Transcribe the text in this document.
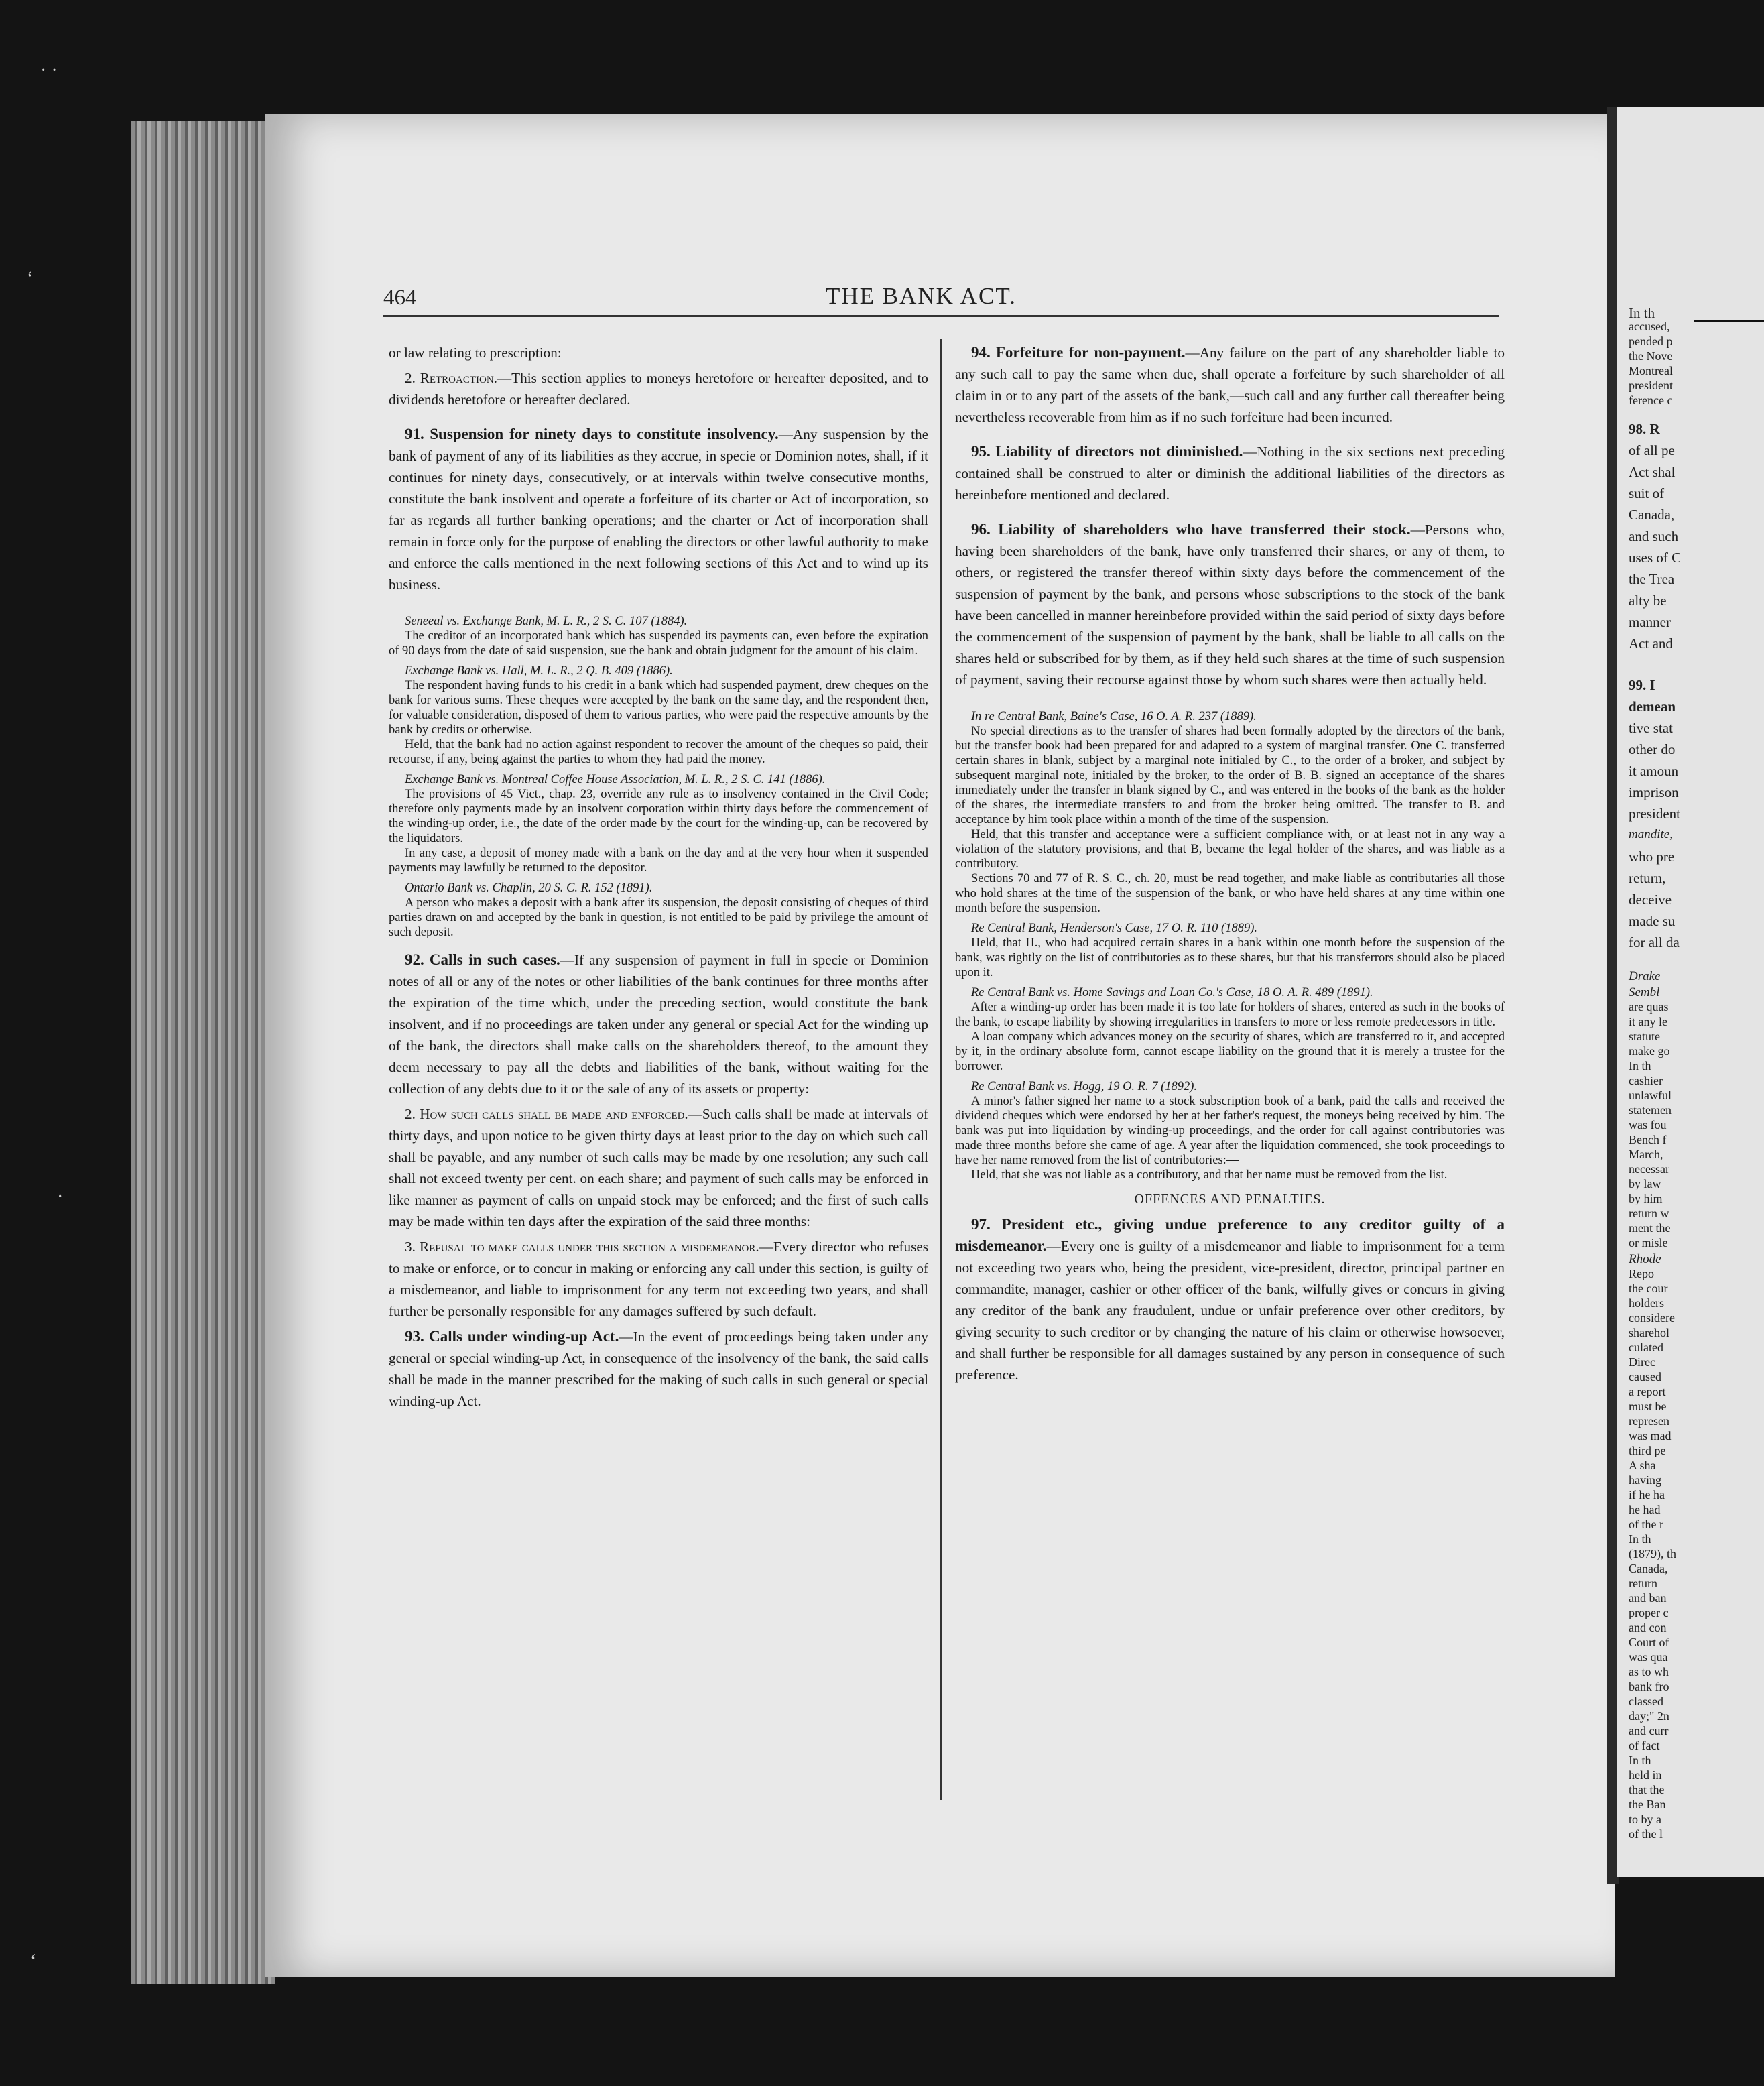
· ·
ʻ
·
ʻ
In th
accused,
pended p
the Nove
Montreal
president
ference c
98. R
of all pe
Act shal
suit of
Canada,
and such
uses of C
the Trea
alty be
manner
Act and
99. I
demean
tive stat
other do
it amoun
imprison
president
mandite,
who pre
return,
deceive
made su
for all da
Drake
Sembl
are quas
it any le
statute
make go
In th
cashier
unlawful
statemen
was fou
Bench f
March,
necessar
by law
by him
return w
ment the
or misle
Rhode
Repo
the cour
holders
considere
sharehol
culated
Direc
caused
a report
must be
represen
was mad
third pe
A sha
having
if he ha
he had
of the r
In th
(1879), th
Canada,
return
and ban
proper c
and con
Court of
was qua
as to wh
bank fro
classed
day;" 2n
and curr
of fact
In th
held in
that the
the Ban
to by a
of the l
464	THE BANK ACT.

or law relating to prescription:

2. Retroaction.—This section applies to moneys heretofore or hereafter deposited, and to dividends heretofore or hereafter declared.

91. Suspension for ninety days to constitute insolvency.—Any suspension by the bank of payment of any of its liabilities as they accrue, in specie or Dominion notes, shall, if it continues for ninety days, consecutively, or at intervals within twelve consecutive months, constitute the bank insolvent and operate a forfeiture of its charter or Act of incorporation, so far as regards all further banking operations; and the charter or Act of incorporation shall remain in force only for the purpose of enabling the directors or other lawful authority to make and enforce the calls mentioned in the next following sections of this Act and to wind up its business.

Seneeal vs. Exchange Bank, M. L. R., 2 S. C. 107 (1884).

The creditor of an incorporated bank which has suspended its payments can, even before the expiration of 90 days from the date of said suspension, sue the bank and obtain judgment for the amount of his claim.

Exchange Bank vs. Hall, M. L. R., 2 Q. B. 409 (1886).

The respondent having funds to his credit in a bank which had suspended payment, drew cheques on the bank for various sums. These cheques were accepted by the bank on the same day, and the respondent then, for valuable consideration, disposed of them to various parties, who were paid the respective amounts by the bank by credits or otherwise.

Held, that the bank had no action against respondent to recover the amount of the cheques so paid, their recourse, if any, being against the parties to whom they had paid the money.

Exchange Bank vs. Montreal Coffee House Association, M. L. R., 2 S. C. 141 (1886).

The provisions of 45 Vict., chap. 23, override any rule as to insolvency contained in the Civil Code; therefore only payments made by an insolvent corporation within thirty days before the commencement of the winding-up order, i.e., the date of the order made by the court for the winding-up, can be recovered by the liquidators.

In any case, a deposit of money made with a bank on the day and at the very hour when it suspended payments may lawfully be returned to the depositor.

Ontario Bank vs. Chaplin, 20 S. C. R. 152 (1891).

A person who makes a deposit with a bank after its suspension, the deposit consisting of cheques of third parties drawn on and accepted by the bank in question, is not entitled to be paid by privilege the amount of such deposit.

92. Calls in such cases.—If any suspension of payment in full in specie or Dominion notes of all or any of the notes or other liabilities of the bank continues for three months after the expiration of the time which, under the preceding section, would constitute the bank insolvent, and if no proceedings are taken under any general or special Act for the winding up of the bank, the directors shall make calls on the shareholders thereof, to the amount they deem necessary to pay all the debts and liabilities of the bank, without waiting for the collection of any debts due to it or the sale of any of its assets or property:

2. How such calls shall be made and enforced.—Such calls shall be made at intervals of thirty days, and upon notice to be given thirty days at least prior to the day on which such call shall be payable, and any number of such calls may be made by one resolution; any such call shall not exceed twenty per cent. on each share; and payment of such calls may be enforced in like manner as payment of calls on unpaid stock may be enforced; and the first of such calls may be made within ten days after the expiration of the said three months:

3. Refusal to make calls under this section a misdemeanor.—Every director who refuses to make or enforce, or to concur in making or enforcing any call under this section, is guilty of a misdemeanor, and liable to imprisonment for any term not exceeding two years, and shall further be personally responsible for any damages suffered by such default.

93. Calls under winding-up Act.—In the event of proceedings being taken under any general or special winding-up Act, in consequence of the insolvency of the bank, the said calls shall be made in the manner prescribed for the making of such calls in such general or special winding-up Act.

94. Forfeiture for non-payment.—Any failure on the part of any shareholder liable to any such call to pay the same when due, shall operate a forfeiture by such shareholder of all claim in or to any part of the assets of the bank,—such call and any further call thereafter being nevertheless recoverable from him as if no such forfeiture had been incurred.

95. Liability of directors not diminished.—Nothing in the six sections next preceding contained shall be construed to alter or diminish the additional liabilities of the directors as hereinbefore mentioned and declared.

96. Liability of shareholders who have transferred their stock.—Persons who, having been shareholders of the bank, have only transferred their shares, or any of them, to others, or registered the transfer thereof within sixty days before the commencement of the suspension of payment by the bank, and persons whose subscriptions to the stock of the bank have been cancelled in manner hereinbefore provided within the said period of sixty days before the commencement of the suspension of payment by the bank, shall be liable to all calls on the shares held or subscribed for by them, as if they held such shares at the time of such suspension of payment, saving their recourse against those by whom such shares were then actually held.

In re Central Bank, Baine's Case, 16 O. A. R. 237 (1889).

No special directions as to the transfer of shares had been formally adopted by the directors of the bank, but the transfer book had been prepared for and adapted to a system of marginal transfer. One C. transferred certain shares in blank, subject by a marginal note initialed by C., to the order of a broker, and subject by subsequent marginal note, initialed by the broker, to the order of B. B. signed an acceptance of the shares immediately under the transfer in blank signed by C., and was entered in the books of the bank as the holder of the shares, the intermediate transfers to and from the broker being omitted. The transfer to B. and acceptance by him took place within a month of the time of the suspension.

Held, that this transfer and acceptance were a sufficient compliance with, or at least not in any way a violation of the statutory provisions, and that B, became the legal holder of the shares, and was liable as a contributory.

Sections 70 and 77 of R. S. C., ch. 20, must be read together, and make liable as contributaries all those who hold shares at the time of the suspension of the bank, or who have held shares at any time within one month before the suspension.

Re Central Bank, Henderson's Case, 17 O. R. 110 (1889).

Held, that H., who had acquired certain shares in a bank within one month before the suspension of the bank, was rightly on the list of contributories as to these shares, but that his transferrors should also be placed upon it.

Re Central Bank vs. Home Savings and Loan Co.'s Case, 18 O. A. R. 489 (1891).

After a winding-up order has been made it is too late for holders of shares, entered as such in the books of the bank, to escape liability by showing irregularities in transfers to more or less remote predecessors in title.

A loan company which advances money on the security of shares, which are transferred to it, and accepted by it, in the ordinary absolute form, cannot escape liability on the ground that it is merely a trustee for the borrower.

Re Central Bank vs. Hogg, 19 O. R. 7 (1892).

A minor's father signed her name to a stock subscription book of a bank, paid the calls and received the dividend cheques which were endorsed by her at her father's request, the moneys being received by him. The bank was put into liquidation by winding-up proceedings, and the order for call against contributories was made three months before she came of age. A year after the liquidation commenced, she took proceedings to have her name removed from the list of contributories:—

Held, that she was not liable as a contributory, and that her name must be removed from the list.

OFFENCES AND PENALTIES.

97. President etc., giving undue preference to any creditor guilty of a misdemeanor.—Every one is guilty of a misdemeanor and liable to imprisonment for a term not exceeding two years who, being the president, vice-president, director, principal partner en commandite, manager, cashier or other officer of the bank, wilfully gives or concurs in giving any creditor of the bank any fraudulent, undue or unfair preference over other creditors, by giving security to such creditor or by changing the nature of his claim or otherwise howsoever, and shall further be responsible for all damages sustained by any person in consequence of such preference.
